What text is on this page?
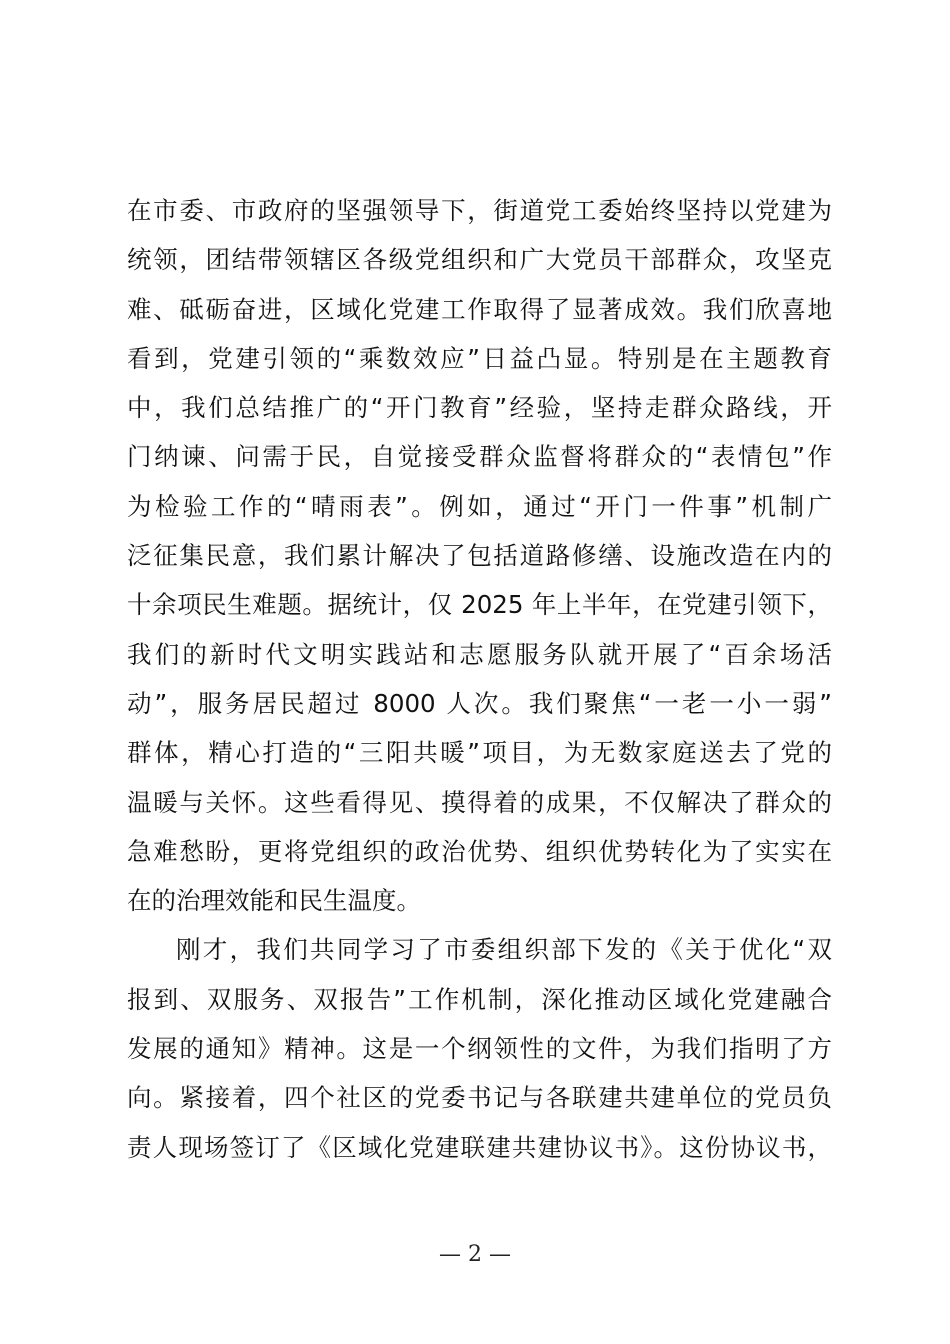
在市委、市政府的坚强领导下，街道党工委始终坚持以党建为
统领，团结带领辖区各级党组织和广大党员干部群众，攻坚克
难、砥砺奋进，区域化党建工作取得了显著成效。我们欣喜地
看到，党建引领的“乘数效应”日益凸显。特别是在主题教育
中，我们总结推广的“开门教育”经验，坚持走群众路线，开
门纳谏、问需于民，自觉接受群众监督将群众的“表情包”作
为检验工作的“晴雨表”。例如，通过“开门一件事”机制广
泛征集民意，我们累计解决了包括道路修缮、设施改造在内的
十余项民生难题。据统计，仅 2025 年上半年，在党建引领下，
我们的新时代文明实践站和志愿服务队就开展了“百余场活
动”，服务居民超过 8000 人次。我们聚焦“一老一小一弱”
群体，精心打造的“三阳共暖”项目，为无数家庭送去了党的
温暖与关怀。这些看得见、摸得着的成果，不仅解决了群众的
急难愁盼，更将党组织的政治优势、组织优势转化为了实实在
在的治理效能和民生温度。
刚才，我们共同学习了市委组织部下发的《关于优化“双
报到、双服务、双报告”工作机制，深化推动区域化党建融合
发展的通知》精神。这是一个纲领性的文件，为我们指明了方
向。紧接着，四个社区的党委书记与各联建共建单位的党员负
责人现场签订了《区域化党建联建共建协议书》。这份协议书，
— 2 —
